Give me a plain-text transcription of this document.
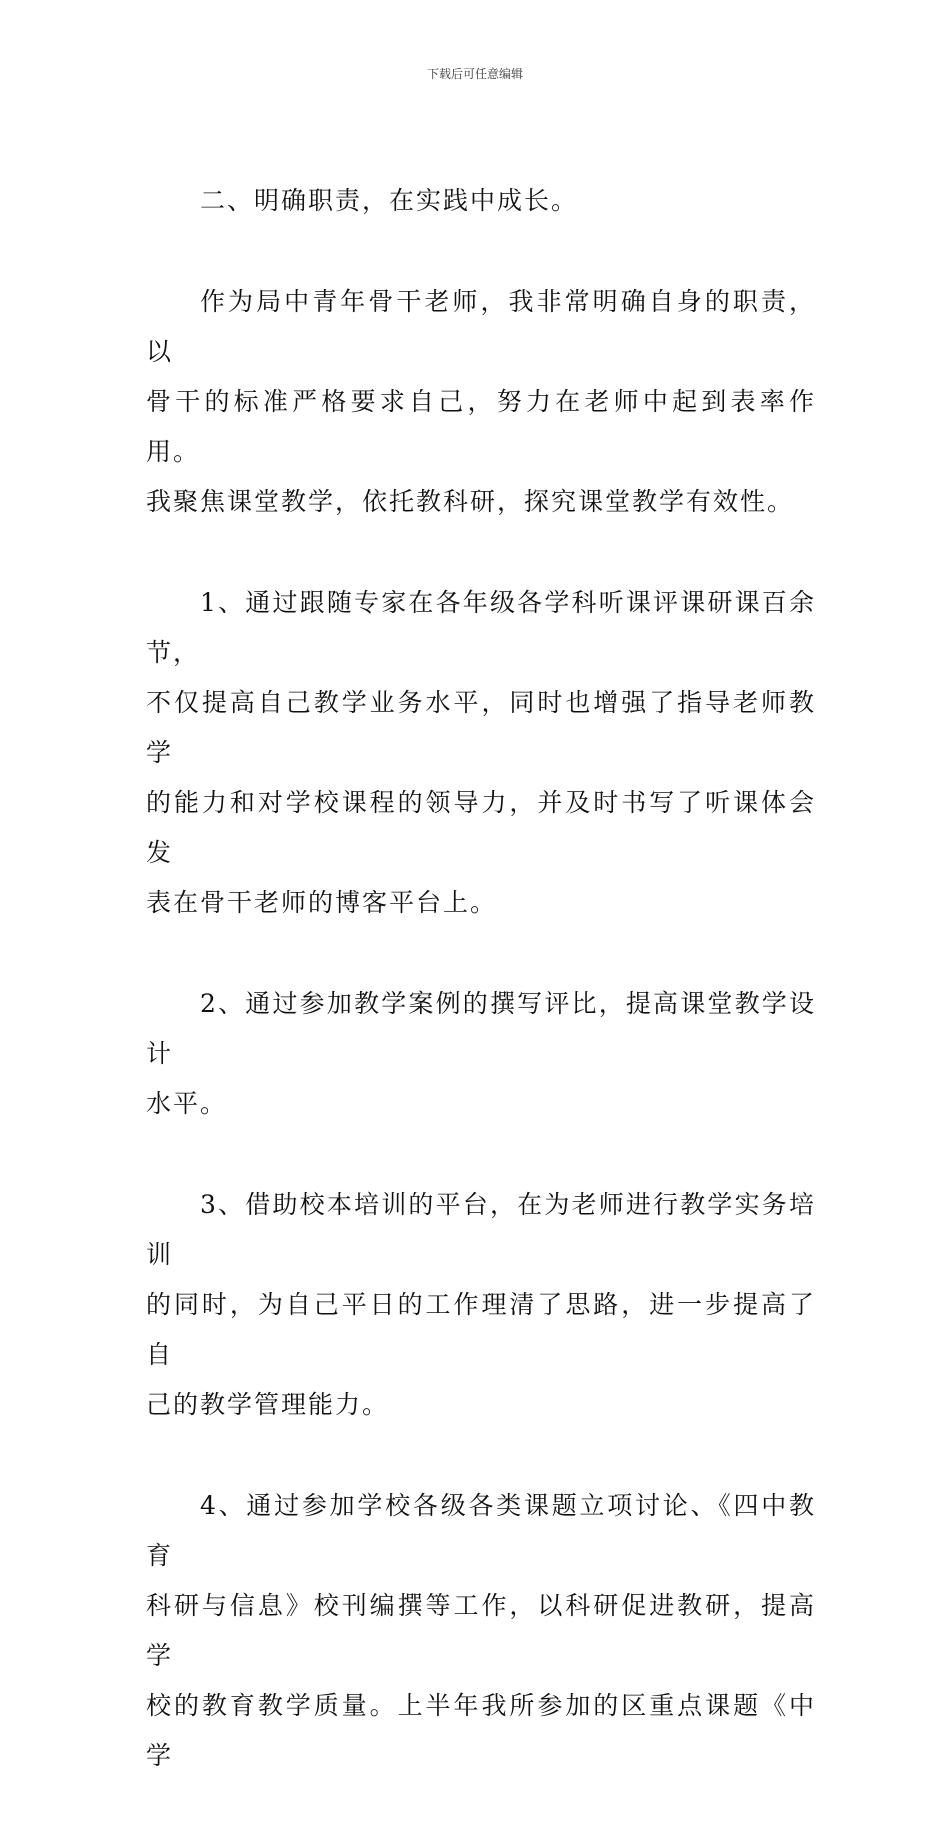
下载后可任意编辑

二、明确职责，在实践中成长。

作为局中青年骨干老师，我非常明确自身的职责，以
骨干的标准严格要求自己，努力在老师中起到表率作用。
我聚焦课堂教学，依托教科研，探究课堂教学有效性。

1、通过跟随专家在各年级各学科听课评课研课百余节，
不仅提高自己教学业务水平，同时也增强了指导老师教学
的能力和对学校课程的领导力，并及时书写了听课体会发
表在骨干老师的博客平台上。

2、通过参加教学案例的撰写评比，提高课堂教学设计
水平。

3、借助校本培训的平台，在为老师进行教学实务培训
的同时，为自己平日的工作理清了思路，进一步提高了自
己的教学管理能力。

4、通过参加学校各级各类课题立项讨论、《四中教育
科研与信息》校刊编撰等工作，以科研促进教研，提高学
校的教育教学质量。上半年我所参加的区重点课题《中学
